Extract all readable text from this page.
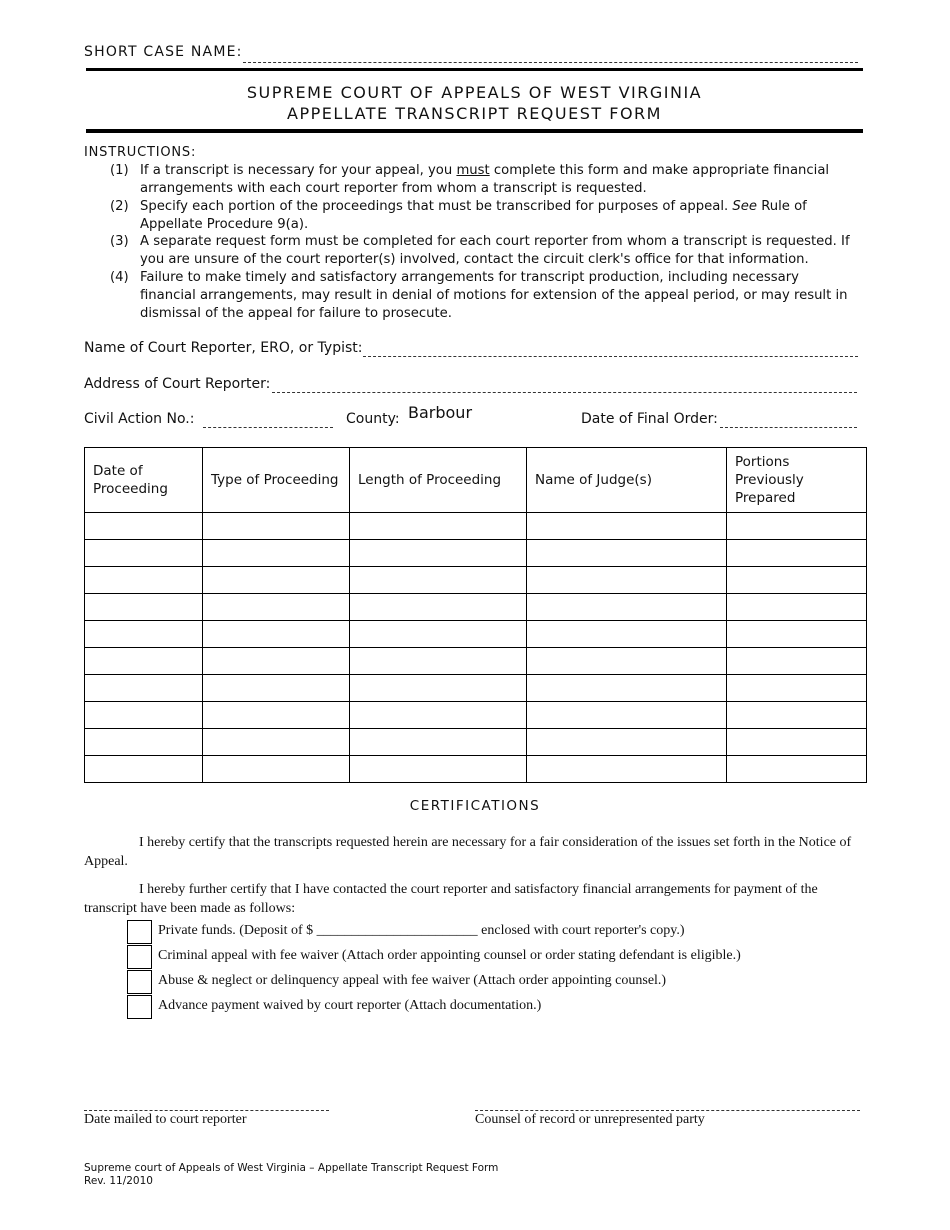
SHORT CASE NAME:
SUPREME COURT OF APPEALS OF WEST VIRGINIA
APPELLATE TRANSCRIPT REQUEST FORM
INSTRUCTIONS:
(1) If a transcript is necessary for your appeal, you must complete this form and make appropriate financial arrangements with each court reporter from whom a transcript is requested.
(2) Specify each portion of the proceedings that must be transcribed for purposes of appeal. See Rule of Appellate Procedure 9(a).
(3) A separate request form must be completed for each court reporter from whom a transcript is requested. If you are unsure of the court reporter(s) involved, contact the circuit clerk's office for that information.
(4) Failure to make timely and satisfactory arrangements for transcript production, including necessary financial arrangements, may result in denial of motions for extension of the appeal period, or may result in dismissal of the appeal for failure to prosecute.
Name of Court Reporter, ERO, or Typist:
Address of Court Reporter:
Civil Action No.:	County: Barbour	Date of Final Order:
Date of Proceeding	Type of Proceeding	Length of Proceeding	Name of Judge(s)	Portions Previously Prepared

CERTIFICATIONS
I hereby certify that the transcripts requested herein are necessary for a fair consideration of the issues set forth in the Notice of Appeal.
I hereby further certify that I have contacted the court reporter and satisfactory financial arrangements for payment of the transcript have been made as follows:
Private funds. (Deposit of $ _______________________ enclosed with court reporter's copy.)
Criminal appeal with fee waiver (Attach order appointing counsel or order stating defendant is eligible.)
Abuse & neglect or delinquency appeal with fee waiver (Attach order appointing counsel.)
Advance payment waived by court reporter (Attach documentation.)
Date mailed to court reporter	Counsel of record or unrepresented party
Supreme court of Appeals of West Virginia – Appellate Transcript Request Form
Rev. 11/2010
